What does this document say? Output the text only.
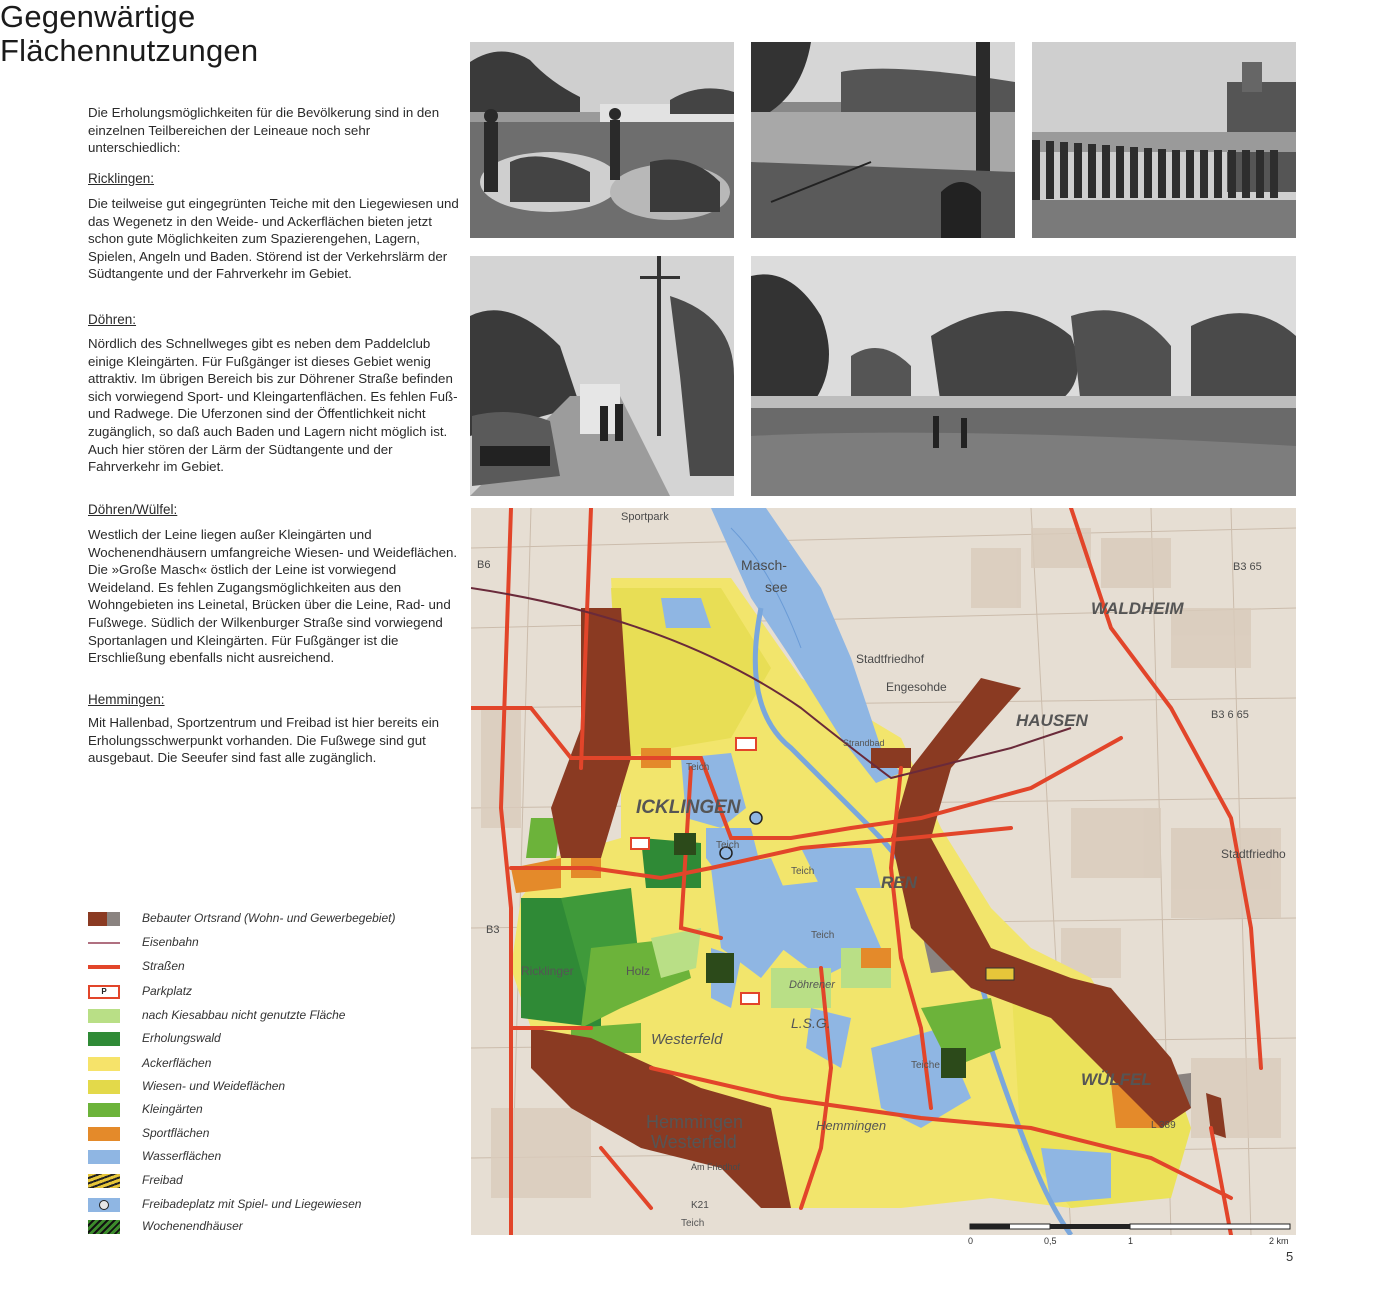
Gegenwärtige
Flächennutzungen
Die Erholungsmöglichkeiten für die Bevölkerung sind in den einzelnen Teilbereichen der Leineaue noch sehr unterschiedlich:
Ricklingen:
Die teilweise gut eingegrünten Teiche mit den Liegewiesen und das Wegenetz in den Weide- und Ackerflächen bieten jetzt schon gute Möglichkeiten zum Spazierengehen, Lagern, Spielen, Angeln und Baden. Störend ist der Verkehrslärm der Südtangente und der Fahrverkehr im Gebiet.
Döhren:
Nördlich des Schnellweges gibt es neben dem Paddelclub einige Kleingärten. Für Fußgänger ist dieses Gebiet wenig attraktiv. Im übrigen Bereich bis zur Döhrener Straße befinden sich vorwiegend Sport- und Kleingartenflächen. Es fehlen Fuß- und Radwege. Die Uferzonen sind der Öffentlichkeit nicht zugänglich, so daß auch Baden und Lagern nicht möglich ist. Auch hier stören der Lärm der Südtangente und der Fahrverkehr im Gebiet.
Döhren/Wülfel:
Westlich der Leine liegen außer Kleingärten und Wochenendhäusern umfangreiche Wiesen- und Weideflächen. Die »Große Masch« östlich der Leine ist vorwiegend Weideland. Es fehlen Zugangsmöglichkeiten aus den Wohngebieten ins Leinetal, Brücken über die Leine, Rad- und Fußwege. Südlich der Wilkenburger Straße sind vorwiegend Sportanlagen und Kleingärten. Für Fußgänger ist die Erschließung ebenfalls nicht ausreichend.
Hemmingen:
Mit Hallenbad, Sportzentrum und Freibad ist hier bereits ein Erholungsschwerpunkt vorhanden. Die Fußwege sind gut ausgebaut. Die Seeufer sind fast alle zugänglich.
Sportpark
Masch-
see
Stadtfriedhof
Engesohde
Stadtfriedho
B3
B6	B3 65
B3 6 65
L 389
K21
Am Friedhof
WALDHEIM
HAUSEN
ICKLINGEN
REN
WÜLFEL
Teich
Teich
Teich
Teich
Teiche
Teich
Strandbad
Döhrener
Ricklinger	Holz
Westerfeld
L.S.G.
Hemmingen
Westerfeld
Hemmingen
0	0,5	1	2 km
5
Bebauter Ortsrand (Wohn- und Gewerbegebiet)
Eisenbahn
Straßen
P	Parkplatz
nach Kiesabbau nicht genutzte Fläche
Erholungswald
Ackerflächen
Wiesen- und Weideflächen
Kleingärten
Sportflächen
Wasserflächen
Freibad
Freibadeplatz mit Spiel- und Liegewiesen
Wochenendhäuser
